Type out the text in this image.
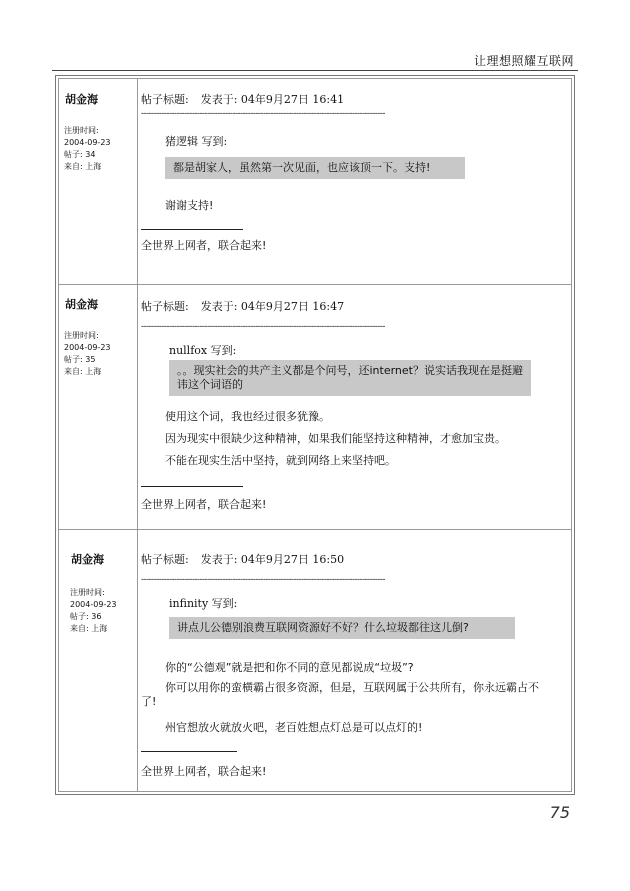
让理想照耀互联网
胡金海
注册时间:
2004-09-23
帖子: 34
来自: 上海
帖子标题: 发表于: 04年9月27日 16:41
------------------------------------------------------------------------------------------------
猪逻辑 写到:
都是胡家人，虽然第一次见面，也应该顶一下。支持!
谢谢支持!
全世界上网者，联合起来!
胡金海
注册时间:
2004-09-23
帖子: 35
来自: 上海
帖子标题: 发表于: 04年9月27日 16:47
------------------------------------------------------------------------------------------------
nullfox 写到:
。。现实社会的共产主义都是个问号，还internet？说实话我现在是挺避讳这个词语的
使用这个词，我也经过很多犹豫。
因为现实中很缺少这种精神，如果我们能坚持这种精神，才愈加宝贵。
不能在现实生活中坚持，就到网络上来坚持吧。
全世界上网者，联合起来!
胡金海
注册时间:
2004-09-23
帖子: 36
来自: 上海
帖子标题: 发表于: 04年9月27日 16:50
------------------------------------------------------------------------------------------------
infinity 写到:
讲点儿公德别浪费互联网资源好不好？什么垃圾都往这儿倒?
你的“公德观”就是把和你不同的意见都说成“垃圾”?
你可以用你的蛮横霸占很多资源，但是，互联网属于公共所有，你永远霸占不了!
州官想放火就放火吧，老百姓想点灯总是可以点灯的!
全世界上网者，联合起来!
75
